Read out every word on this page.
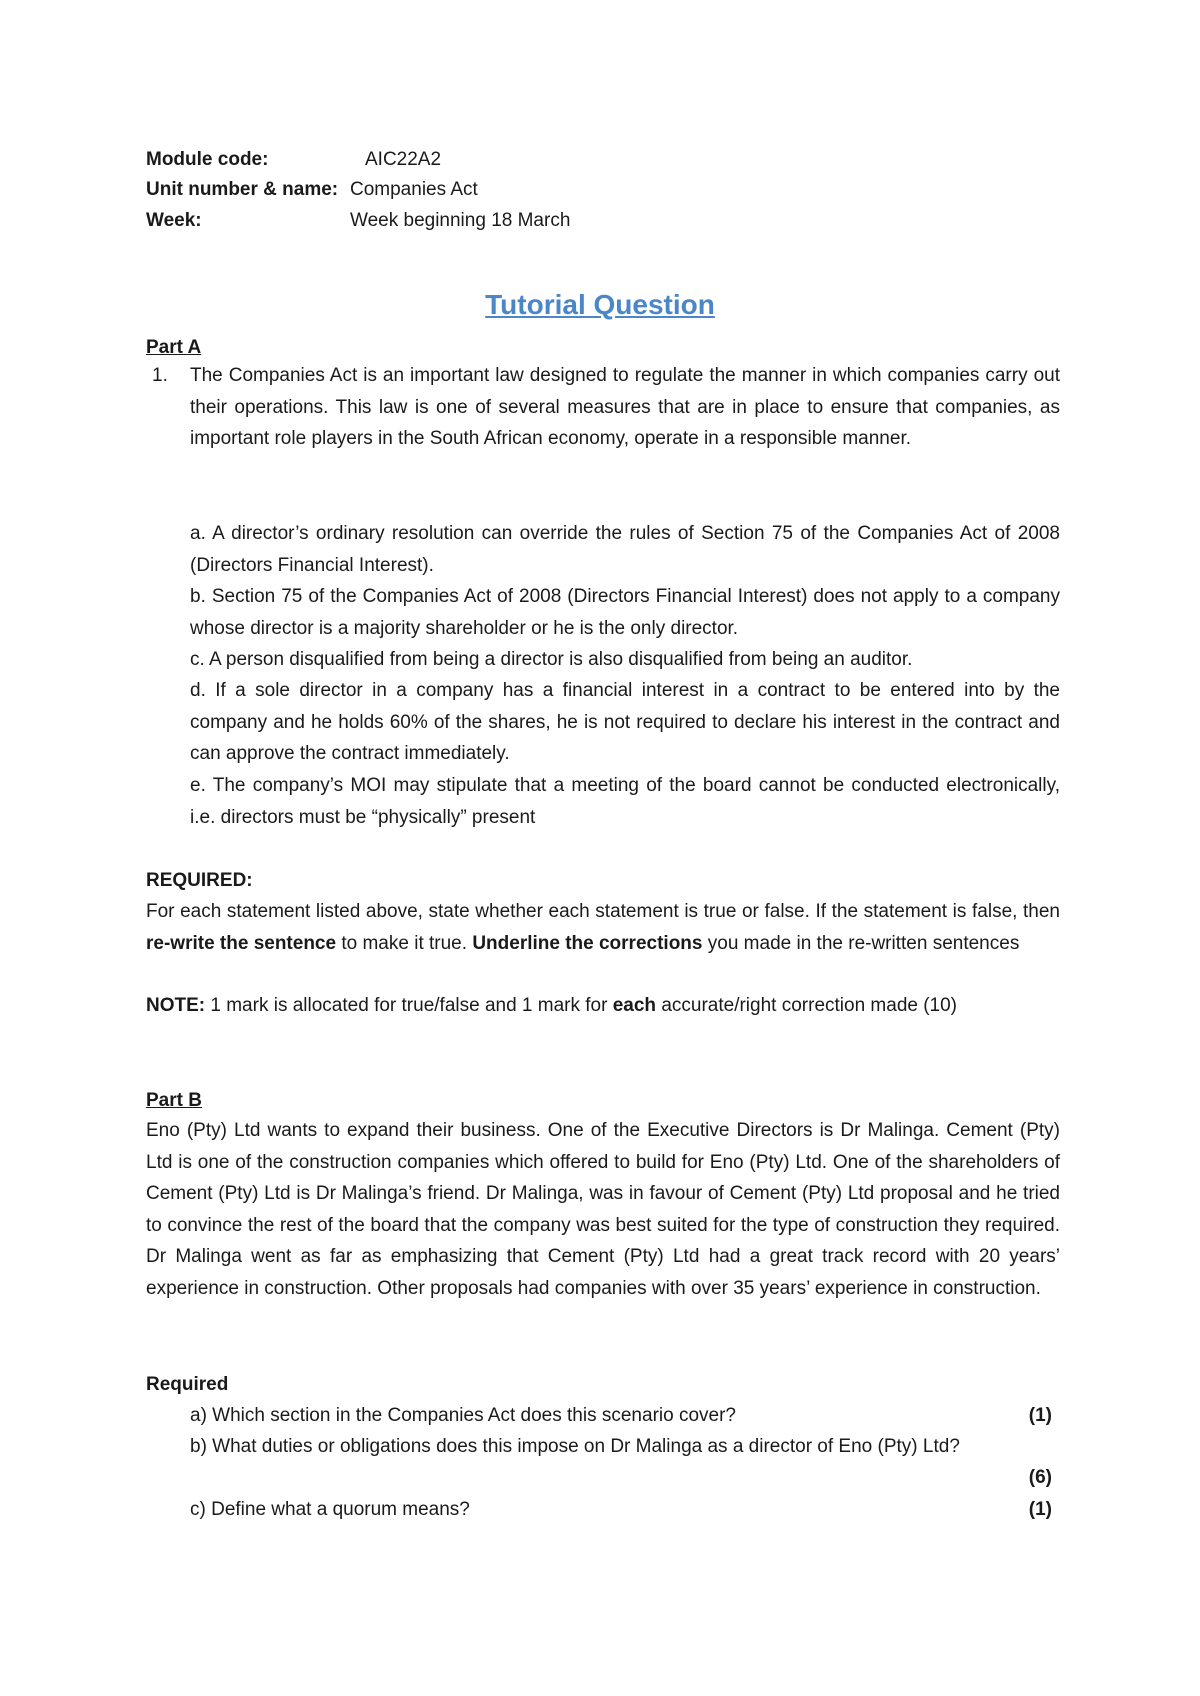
Module code:	AIC22A2
Unit number & name: Companies Act
Week:	Week beginning 18 March
Tutorial Question
Part A
1. The Companies Act is an important law designed to regulate the manner in which companies carry out their operations. This law is one of several measures that are in place to ensure that companies, as important role players in the South African economy, operate in a responsible manner.
a. A director’s ordinary resolution can override the rules of Section 75 of the Companies Act of 2008 (Directors Financial Interest).
b. Section 75 of the Companies Act of 2008 (Directors Financial Interest) does not apply to a company whose director is a majority shareholder or he is the only director.
c. A person disqualified from being a director is also disqualified from being an auditor.
d. If a sole director in a company has a financial interest in a contract to be entered into by the company and he holds 60% of the shares, he is not required to declare his interest in the contract and can approve the contract immediately.
e. The company’s MOI may stipulate that a meeting of the board cannot be conducted electronically, i.e. directors must be “physically” present
REQUIRED:
For each statement listed above, state whether each statement is true or false. If the statement is false, then re-write the sentence to make it true. Underline the corrections you made in the re-written sentences
NOTE: 1 mark is allocated for true/false and 1 mark for each accurate/right correction made (10)
Part B
Eno (Pty) Ltd wants to expand their business. One of the Executive Directors is Dr Malinga. Cement (Pty) Ltd is one of the construction companies which offered to build for Eno (Pty) Ltd. One of the shareholders of Cement (Pty) Ltd is Dr Malinga’s friend. Dr Malinga, was in favour of Cement (Pty) Ltd proposal and he tried to convince the rest of the board that the company was best suited for the type of construction they required. Dr Malinga went as far as emphasizing that Cement (Pty) Ltd had a great track record with 20 years’ experience in construction. Other proposals had companies with over 35 years’ experience in construction.
Required
a) Which section in the Companies Act does this scenario cover?	(1)
b) What duties or obligations does this impose on Dr Malinga as a director of Eno (Pty) Ltd?
(6)
c) Define what a quorum means?	(1)
